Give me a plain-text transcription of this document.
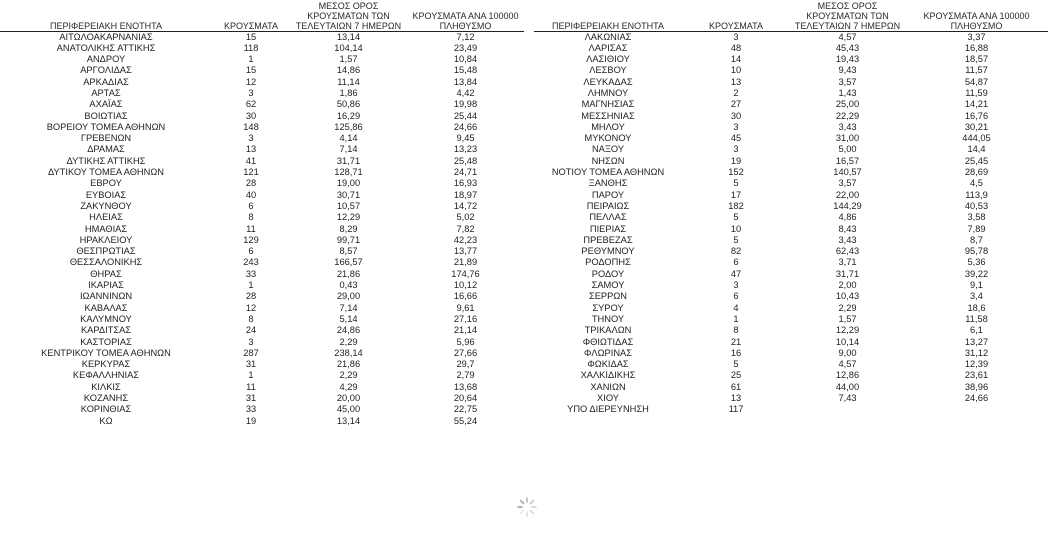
ΠΕΡΙΦΕΡΕΙΑΚΗ ΕΝΟΤΗΤΑ	ΚΡΟΥΣΜΑΤΑ	ΜΕΣΟΣ ΟΡΟΣ
ΚΡΟΥΣΜΑΤΩΝ ΤΩΝ
ΤΕΛΕΥΤΑΙΩΝ 7 ΗΜΕΡΩΝ	ΚΡΟΥΣΜΑΤΑ ΑΝΑ 100000
ΠΛΗΘΥΣΜΟ

ΑΙΤΩΛΟΑΚΑΡΝΑΝΙΑΣ	15	13,14	7,12
ΑΝΑΤΟΛΙΚΗΣ ΑΤΤΙΚΗΣ	118	104,14	23,49
ΑΝΔΡΟΥ	1	1,57	10,84
ΑΡΓΟΛΙΔΑΣ	15	14,86	15,48
ΑΡΚΑΔΙΑΣ	12	11,14	13,84
ΑΡΤΑΣ	3	1,86	4,42
ΑΧΑΪΑΣ	62	50,86	19,98
ΒΟΙΩΤΙΑΣ	30	16,29	25,44
ΒΟΡΕΙΟΥ ΤΟΜΕΑ ΑΘΗΝΩΝ	148	125,86	24,66
ΓΡΕΒΕΝΩΝ	3	4,14	9,45
ΔΡΑΜΑΣ	13	7,14	13,23
ΔΥΤΙΚΗΣ ΑΤΤΙΚΗΣ	41	31,71	25,48
ΔΥΤΙΚΟΥ ΤΟΜΕΑ ΑΘΗΝΩΝ	121	128,71	24,71
ΕΒΡΟΥ	28	19,00	16,93
ΕΥΒΟΙΑΣ	40	30,71	18,97
ΖΑΚΥΝΘΟΥ	6	10,57	14,72
ΗΛΕΙΑΣ	8	12,29	5,02
ΗΜΑΘΙΑΣ	11	8,29	7,82
ΗΡΑΚΛΕΙΟΥ	129	99,71	42,23
ΘΕΣΠΡΩΤΙΑΣ	6	8,57	13,77
ΘΕΣΣΑΛΟΝΙΚΗΣ	243	166,57	21,89
ΘΗΡΑΣ	33	21,86	174,76
ΙΚΑΡΙΑΣ	1	0,43	10,12
ΙΩΑΝΝΙΝΩΝ	28	29,00	16,66
ΚΑΒΑΛΑΣ	12	7,14	9,61
ΚΑΛΥΜΝΟΥ	8	5,14	27,16
ΚΑΡΔΙΤΣΑΣ	24	24,86	21,14
ΚΑΣΤΟΡΙΑΣ	3	2,29	5,96
ΚΕΝΤΡΙΚΟΥ ΤΟΜΕΑ ΑΘΗΝΩΝ	287	238,14	27,66
ΚΕΡΚΥΡΑΣ	31	21,86	29,7
ΚΕΦΑΛΛΗΝΙΑΣ	1	2,29	2,79
ΚΙΛΚΙΣ	11	4,29	13,68
ΚΟΖΑΝΗΣ	31	20,00	20,64
ΚΟΡΙΝΘΙΑΣ	33	45,00	22,75
ΚΩ	19	13,14	55,24
ΠΕΡΙΦΕΡΕΙΑΚΗ ΕΝΟΤΗΤΑ	ΚΡΟΥΣΜΑΤΑ	ΜΕΣΟΣ ΟΡΟΣ
ΚΡΟΥΣΜΑΤΩΝ ΤΩΝ
ΤΕΛΕΥΤΑΙΩΝ 7 ΗΜΕΡΩΝ	ΚΡΟΥΣΜΑΤΑ ΑΝΑ 100000
ΠΛΗΘΥΣΜΟ

ΛΑΚΩΝΙΑΣ	3	4,57	3,37
ΛΑΡΙΣΑΣ	48	45,43	16,88
ΛΑΣΙΘΙΟΥ	14	19,43	18,57
ΛΕΣΒΟΥ	10	9,43	11,57
ΛΕΥΚΑΔΑΣ	13	3,57	54,87
ΛΗΜΝΟΥ	2	1,43	11,59
ΜΑΓΝΗΣΙΑΣ	27	25,00	14,21
ΜΕΣΣΗΝΙΑΣ	30	22,29	16,76
ΜΗΛΟΥ	3	3,43	30,21
ΜΥΚΟΝΟΥ	45	31,00	444,05
ΝΑΞΟΥ	3	5,00	14,4
ΝΗΣΩΝ	19	16,57	25,45
ΝΟΤΙΟΥ ΤΟΜΕΑ ΑΘΗΝΩΝ	152	140,57	28,69
ΞΑΝΘΗΣ	5	3,57	4,5
ΠΑΡΟΥ	17	22,00	113,9
ΠΕΙΡΑΙΩΣ	182	144,29	40,53
ΠΕΛΛΑΣ	5	4,86	3,58
ΠΙΕΡΙΑΣ	10	8,43	7,89
ΠΡΕΒΕΖΑΣ	5	3,43	8,7
ΡΕΘΥΜΝΟΥ	82	62,43	95,78
ΡΟΔΟΠΗΣ	6	3,71	5,36
ΡΟΔΟΥ	47	31,71	39,22
ΣΑΜΟΥ	3	2,00	9,1
ΣΕΡΡΩΝ	6	10,43	3,4
ΣΥΡΟΥ	4	2,29	18,6
ΤΗΝΟΥ	1	1,57	11,58
ΤΡΙΚΑΛΩΝ	8	12,29	6,1
ΦΘΙΩΤΙΔΑΣ	21	10,14	13,27
ΦΛΩΡΙΝΑΣ	16	9,00	31,12
ΦΩΚΙΔΑΣ	5	4,57	12,39
ΧΑΛΚΙΔΙΚΗΣ	25	12,86	23,61
ΧΑΝΙΩΝ	61	44,00	38,96
ΧΙΟΥ	13	7,43	24,66
ΥΠΟ ΔΙΕΡΕΥΝΗΣΗ	117		
